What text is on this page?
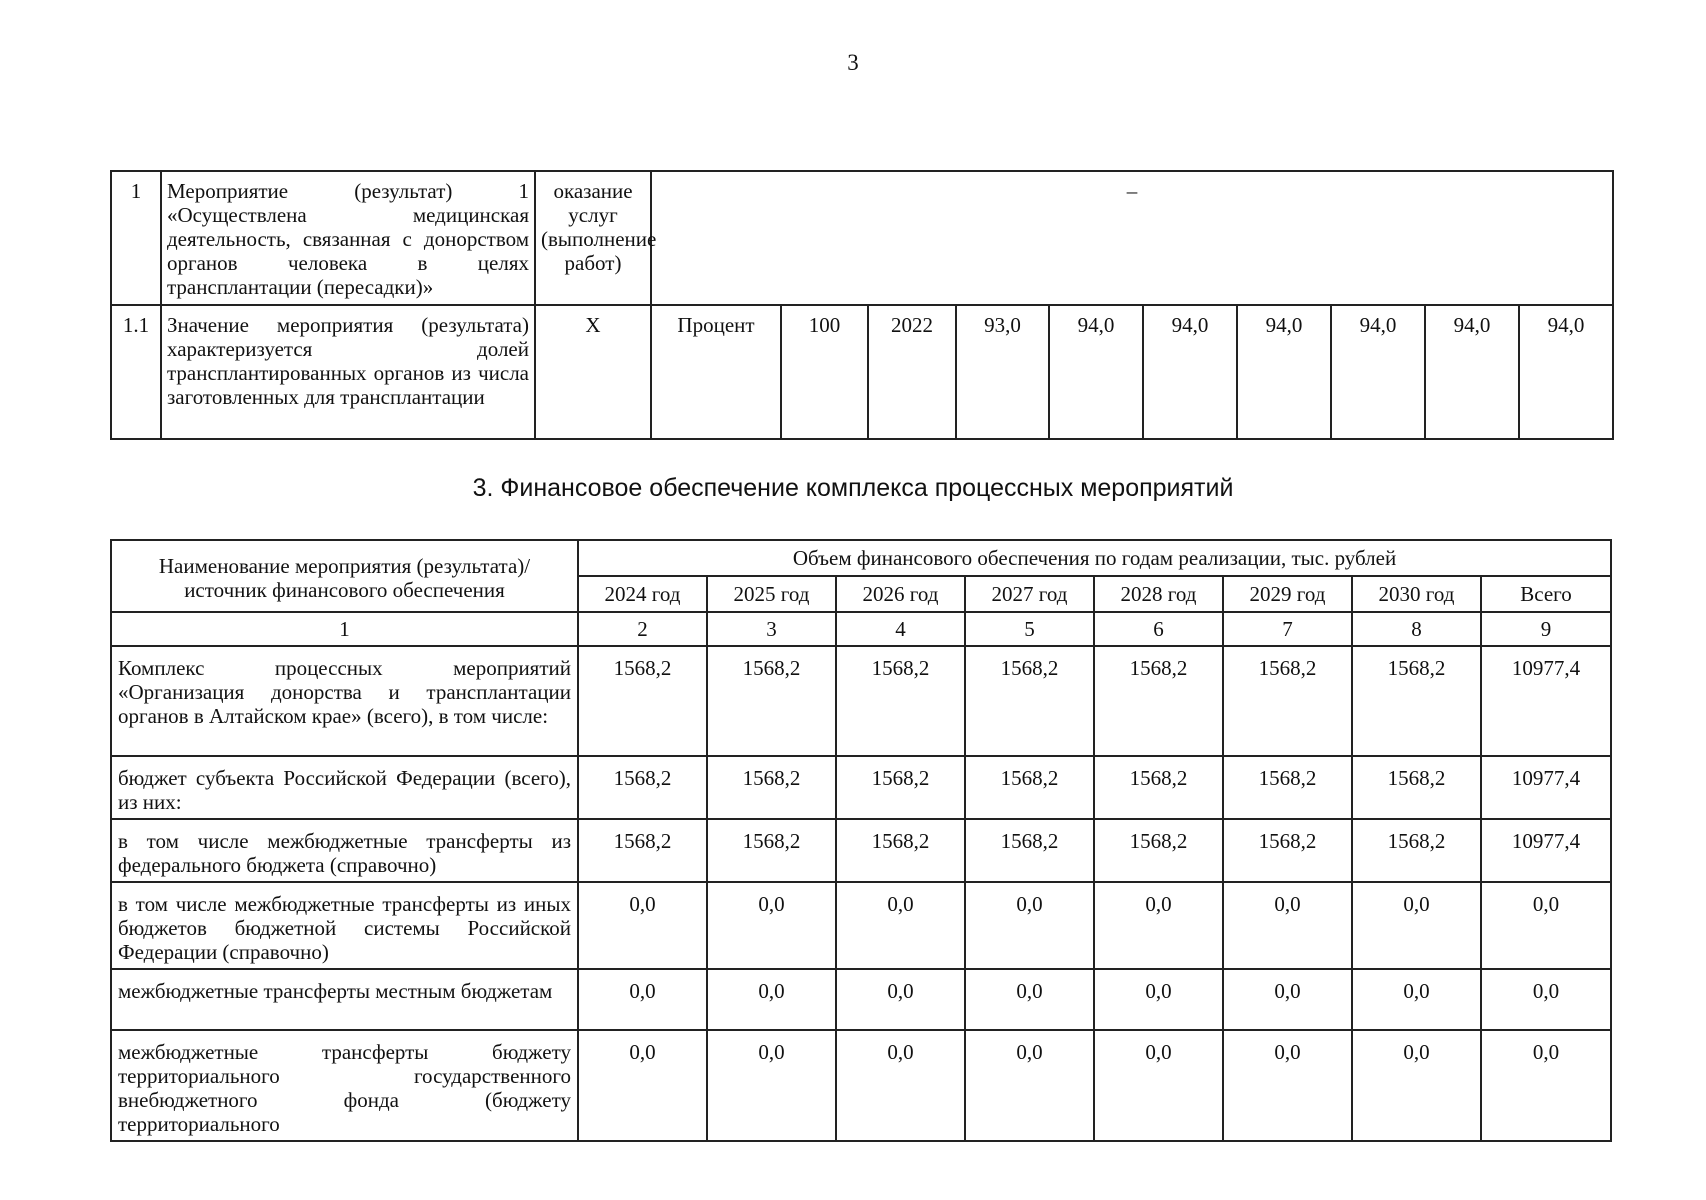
3
1	Мероприятие (результат) 1 «Осуществлена медицинская деятельность, связанная с донорством органов человека в целях трансплантации (пересадки)»	оказание услуг (выполнение работ)	–									
1.1	Значение мероприятия (результата) характеризуется долей трансплантированных органов из числа заготовленных для трансплантации	X	Процент	100	2022	93,0	94,0	94,0	94,0	94,0	94,0	94,0
3. Финансовое обеспечение комплекса процессных мероприятий
Наименование мероприятия (результата)/ источник финансового обеспечения	Объем финансового обеспечения по годам реализации, тыс. рублей							
	2024 год	2025 год	2026 год	2027 год	2028 год	2029 год	2030 год	Всего
1	2	3	4	5	6	7	8	9
Комплекс процессных мероприятий «Организация донорства и трансплантации органов в Алтайском крае» (всего), в том числе:	1568,2	1568,2	1568,2	1568,2	1568,2	1568,2	1568,2	10977,4
бюджет субъекта Российской Федерации (всего), из них:	1568,2	1568,2	1568,2	1568,2	1568,2	1568,2	1568,2	10977,4
в том числе межбюджетные трансферты из федерального бюджета (справочно)	1568,2	1568,2	1568,2	1568,2	1568,2	1568,2	1568,2	10977,4
в том числе межбюджетные трансферты из иных бюджетов бюджетной системы Российской Федерации (справочно)	0,0	0,0	0,0	0,0	0,0	0,0	0,0	0,0
межбюджетные трансферты местным бюджетам	0,0	0,0	0,0	0,0	0,0	0,0	0,0	0,0
межбюджетные трансферты бюджету территориального государственного внебюджетного фонда (бюджету территориального	0,0	0,0	0,0	0,0	0,0	0,0	0,0	0,0
